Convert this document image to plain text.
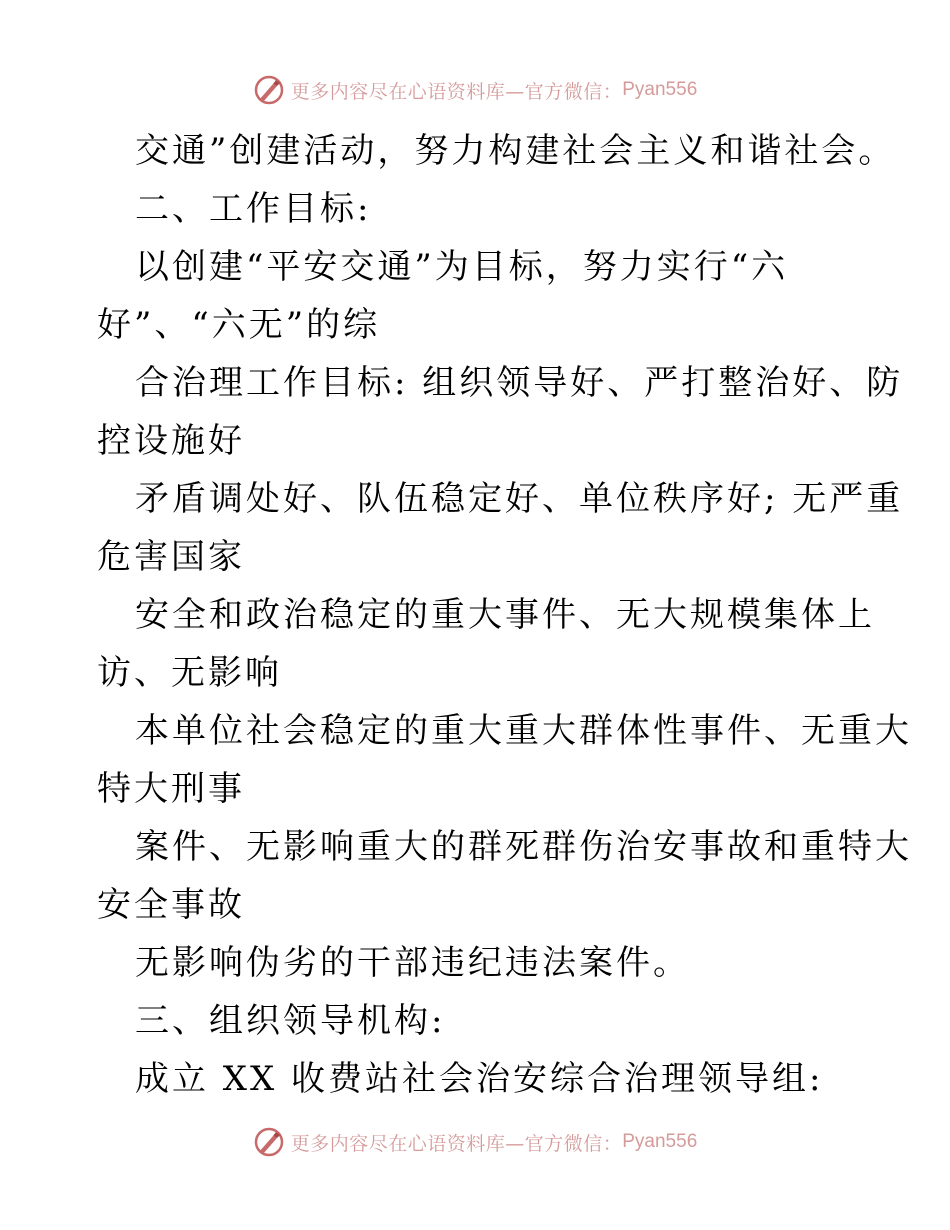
更多内容尽在心语资料库—官方微信： Pyan556
交通”创建活动，努力构建社会主义和谐社会。
二、工作目标:
以创建“平安交通”为目标，努力实行“六
好”、“六无”的综
合治理工作目标: 组织领导好、严打整治好、防
控设施好
矛盾调处好、队伍稳定好、单位秩序好; 无严重
危害国家
安全和政治稳定的重大事件、无大规模集体上
访、无影响
本单位社会稳定的重大重大群体性事件、无重大
特大刑事
案件、无影响重大的群死群伤治安事故和重特大
安全事故
无影响伪劣的干部违纪违法案件。
三、组织领导机构:
成立 XX 收费站社会治安综合治理领导组:
更多内容尽在心语资料库—官方微信： Pyan556
